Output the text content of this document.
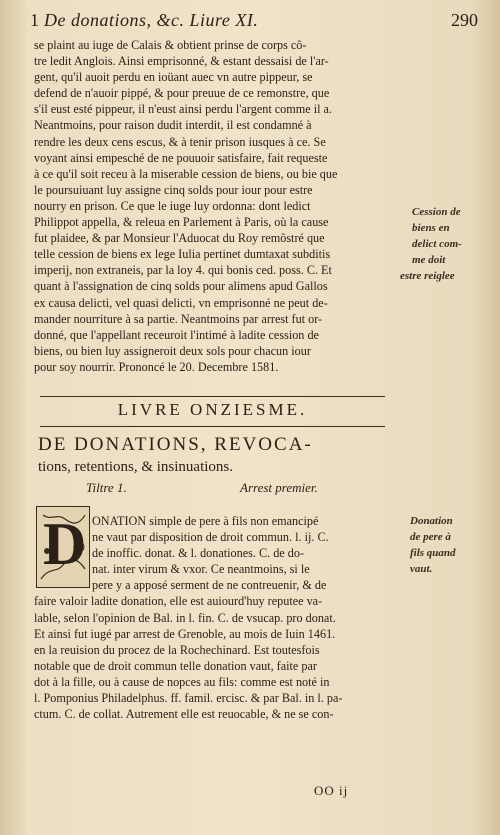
1 De donations, &c. Liure XI.	290
se plaint au iuge de Calais & obtient prinse de corps cô-
tre ledit Anglois. Ainsi emprisonné, & estant dessaisi de l'ar-
gent, qu'il auoit perdu en ioüant auec vn autre pippeur, se
defend de n'auoir pippé, & pour preuue de ce remonstre, que
s'il eust esté pippeur, il n'eust ainsi perdu l'argent comme il a.
Neantmoins, pour raison dudit interdit, il est condamné à
rendre les deux cens escus, & à tenir prison iusques à ce. Se
voyant ainsi empesché de ne pouuoir satisfaire, fait requeste
à ce qu'il soit receu à la miserable cession de biens, ou bie que
le poursuiuant luy assigne cinq solds pour iour pour estre
nourry en prison. Ce que le iuge luy ordonna: dont ledict
Philippot appella, & releua en Parlement à Paris, où la cause
fut plaidee, & par Monsieur l'Aduocat du Roy remôstré que
telle cession de biens ex lege Iulia pertinet dumtaxat subditis
imperij, non extraneis, par la loy 4. qui bonis ced. poss. C. Et
quant à l'assignation de cinq solds pour alimens apud Gallos
ex causa delicti, vel quasi delicti, vn emprisonné ne peut de-
mander nourriture à sa partie. Neantmoins par arrest fut or-
donné, que l'appellant receuroit l'intimé à ladite cession de
biens, ou bien luy assigneroit deux sols pour chacun iour
pour soy nourrir. Prononcé le 20. Decembre 1581.
Cession de
biens en
delict com-
me doit
estre reiglee
LIVRE ONZIESME.
DE DONATIONS, REVOCA-
tions, retentions, & insinuations.
Tiltre 1.	Arrest premier.
D ONATION simple de pere à fils non emancipé
ne vaut par disposition de droit commun. l. ij. C.
de inoffic. donat. & l. donationes. C. de do-
nat. inter virum & vxor. Ce neantmoins, si le
pere y a apposé serment de ne contreuenir, & de
faire valoir ladite donation, elle est auiourd'huy reputee va-
lable, selon l'opinion de Bal. in l. fin. C. de vsucap. pro donat.
Et ainsi fut iugé par arrest de Grenoble, au mois de Iuin 1461.
en la reuision du procez de la Rochechinard. Est toutesfois
notable que de droit commun telle donation vaut, faite par
dot à la fille, ou à cause de nopces au fils: comme est noté in
l. Pomponius Philadelphus. ff. famil. ercisc. & par Bal. in l. pa-
ctum. C. de collat. Autrement elle est reuocable, & ne se con-
Donation
de pere à
fils quand
vaut.
OO ij
